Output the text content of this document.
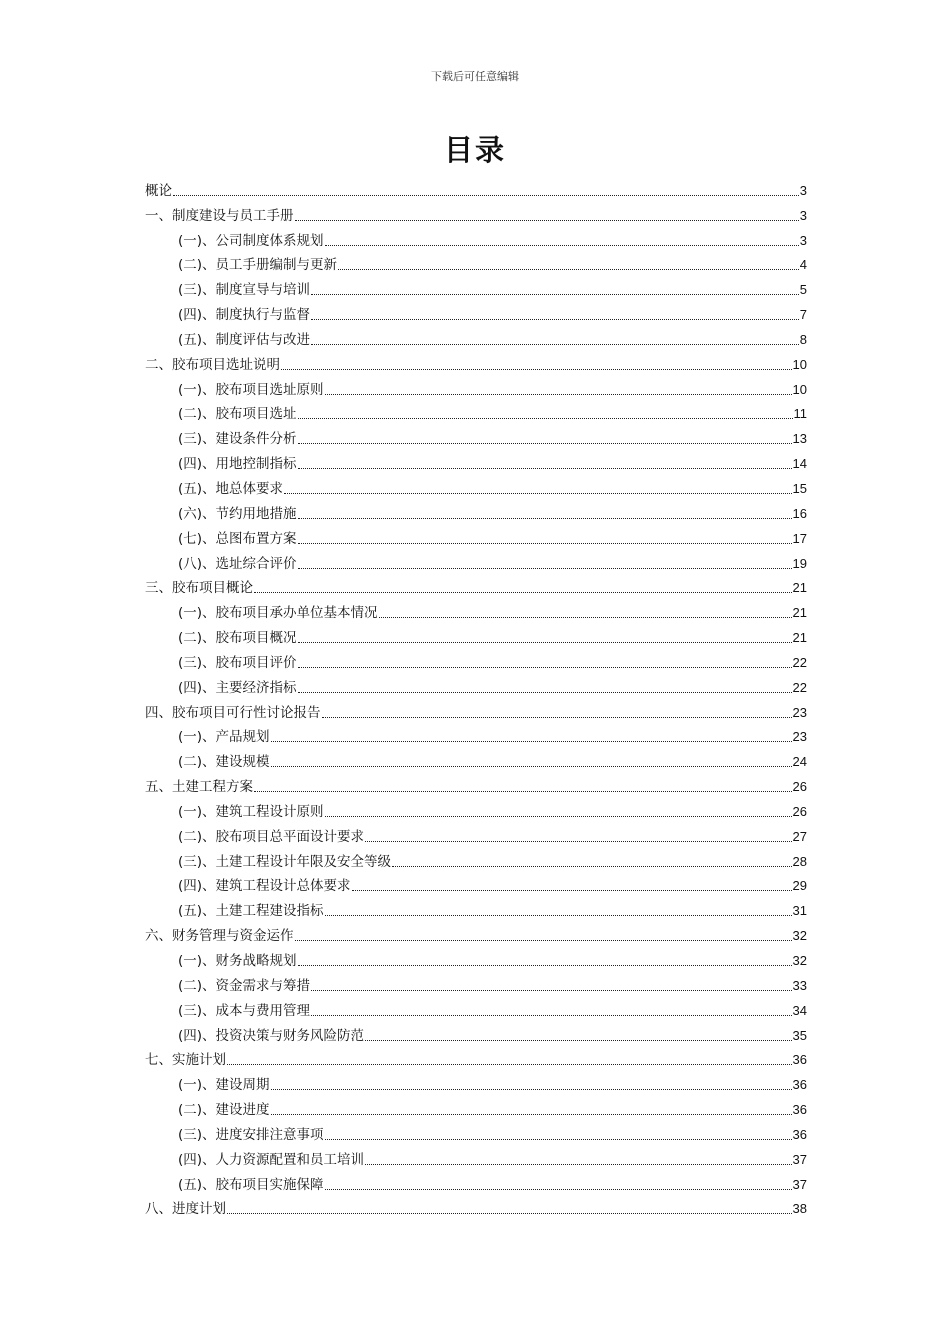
下载后可任意编辑
目录
概论	3
一、制度建设与员工手册	3
(一)、公司制度体系规划	3
(二)、员工手册编制与更新	4
(三)、制度宣导与培训	5
(四)、制度执行与监督	7
(五)、制度评估与改进	8
二、胶布项目选址说明	10
(一)、胶布项目选址原则	10
(二)、胶布项目选址	11
(三)、建设条件分析	13
(四)、用地控制指标	14
(五)、地总体要求	15
(六)、节约用地措施	16
(七)、总图布置方案	17
(八)、选址综合评价	19
三、胶布项目概论	21
(一)、胶布项目承办单位基本情况	21
(二)、胶布项目概况	21
(三)、胶布项目评价	22
(四)、主要经济指标	22
四、胶布项目可行性讨论报告	23
(一)、产品规划	23
(二)、建设规模	24
五、土建工程方案	26
(一)、建筑工程设计原则	26
(二)、胶布项目总平面设计要求	27
(三)、土建工程设计年限及安全等级	28
(四)、建筑工程设计总体要求	29
(五)、土建工程建设指标	31
六、财务管理与资金运作	32
(一)、财务战略规划	32
(二)、资金需求与筹措	33
(三)、成本与费用管理	34
(四)、投资决策与财务风险防范	35
七、实施计划	36
(一)、建设周期	36
(二)、建设进度	36
(三)、进度安排注意事项	36
(四)、人力资源配置和员工培训	37
(五)、胶布项目实施保障	37
八、进度计划	38
